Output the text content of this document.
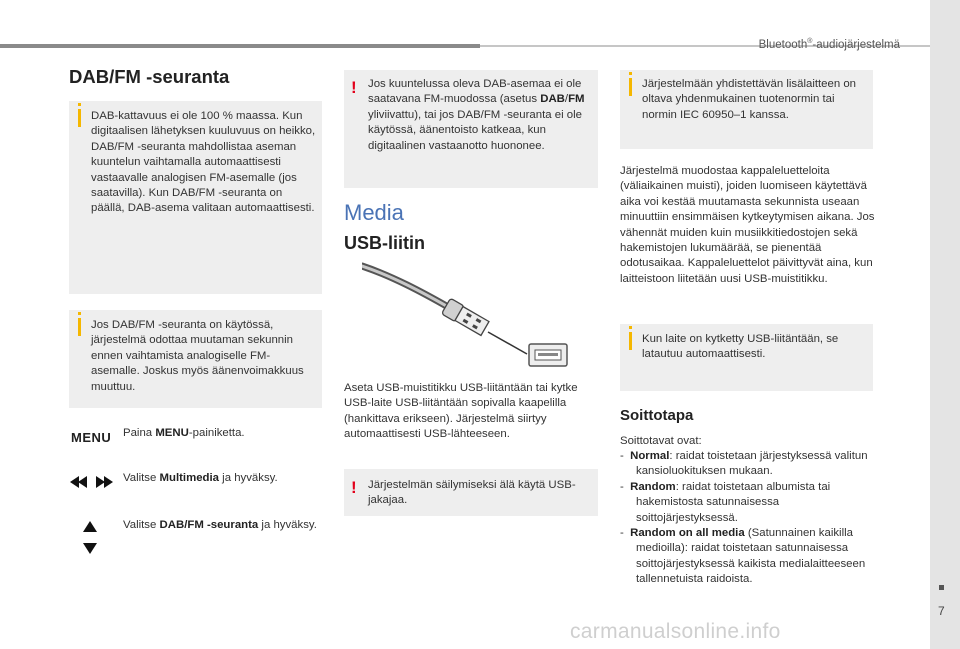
Bluetooth®-audiojärjestelmä
7
carmanualsonline.info
DAB/FM -seuranta
DAB-kattavuus ei ole 100 % maassa. Kun digitaalisen lähetyksen kuuluvuus on heikko, DAB/FM -seuranta mahdollistaa aseman kuuntelun vaihtamalla automaattisesti vastaavalle analogisen FM-asemalle (jos saatavilla). Kun DAB/FM -seuranta on päällä, DAB-asema valitaan automaattisesti.
Jos DAB/FM -seuranta on käytössä, järjestelmä odottaa muutaman sekunnin ennen vaihtamista analogiselle FM-asemalle. Joskus myös äänenvoimakkuus muuttuu.
MENU Paina MENU-painiketta.
Valitse Multimedia ja hyväksy.
Valitse DAB/FM -seuranta ja hyväksy.
! Jos kuuntelussa oleva DAB-asemaa ei ole saatavana FM-muodossa (asetus DAB/FM yliviivattu), tai jos DAB/FM -seuranta ei ole käytössä, äänentoisto katkeaa, kun digitaalinen vastaanotto huononee.
Media
USB-liitin
Aseta USB-muistitikku USB-liitäntään tai kytke USB-laite USB-liitäntään sopivalla kaapelilla (hankittava erikseen). Järjestelmä siirtyy automaattisesti USB-lähteeseen.
! Järjestelmän säilymiseksi älä käytä USB-jakajaa.
Järjestelmään yhdistettävän lisälaitteen on oltava yhdenmukainen tuotenormin tai normin IEC 60950–1 kanssa.
Järjestelmä muodostaa kappaleluetteloita (väliaikainen muisti), joiden luomiseen käytettävä aika voi kestää muutamasta sekunnista useaan minuuttiin ensimmäisen kytkeytymisen aikana. Jos vähennät muiden kuin musiikkitiedostojen sekä hakemistojen lukumäärää, se pienentää odotusaikaa. Kappaleluettelot päivittyvät aina, kun laitteistoon liitetään uusi USB-muistitikku.
Kun laite on kytketty USB-liitäntään, se latautuu automaattisesti.
Soittotapa
Soittotavat ovat:
-  Normal: raidat toistetaan järjestyksessä valitun kansioluokituksen mukaan.
-  Random: raidat toistetaan albumista tai hakemistosta satunnaisessa soittojärjestyksessä.
-  Random on all media (Satunnainen kaikilla medioilla): raidat toistetaan satunnaisessa soittojärjestyksessä kaikista medialaitteeseen tallennetuista raidoista.
